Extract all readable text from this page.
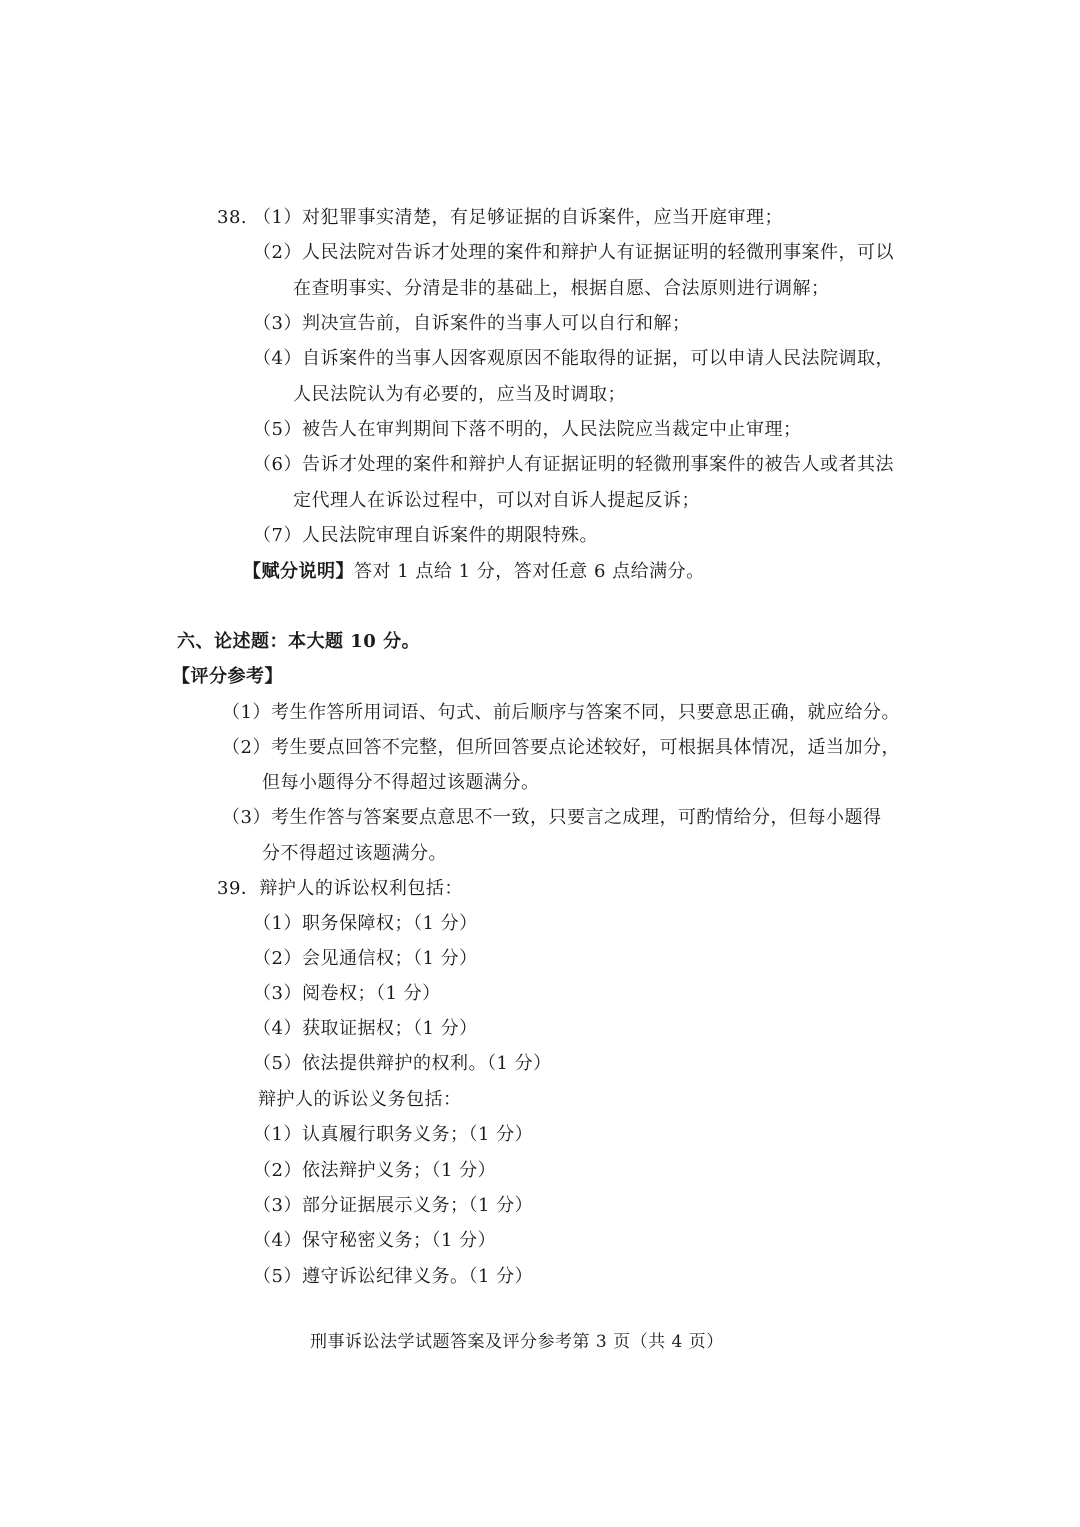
38. （1）对犯罪事实清楚，有足够证据的自诉案件，应当开庭审理；
（2）人民法院对告诉才处理的案件和辩护人有证据证明的轻微刑事案件，可以
在查明事实、分清是非的基础上，根据自愿、合法原则进行调解；
（3）判决宣告前，自诉案件的当事人可以自行和解；
（4）自诉案件的当事人因客观原因不能取得的证据，可以申请人民法院调取，
人民法院认为有必要的，应当及时调取；
（5）被告人在审判期间下落不明的，人民法院应当裁定中止审理；
（6）告诉才处理的案件和辩护人有证据证明的轻微刑事案件的被告人或者其法
定代理人在诉讼过程中，可以对自诉人提起反诉；
（7）人民法院审理自诉案件的期限特殊。
【赋分说明】答对 1 点给 1 分，答对任意 6 点给满分。
六、论述题：本大题 10 分。
【评分参考】
（1）考生作答所用词语、句式、前后顺序与答案不同，只要意思正确，就应给分。
（2）考生要点回答不完整，但所回答要点论述较好，可根据具体情况，适当加分，
但每小题得分不得超过该题满分。
（3）考生作答与答案要点意思不一致，只要言之成理，可酌情给分，但每小题得
分不得超过该题满分。
39．辩护人的诉讼权利包括：
（1）职务保障权；（1 分）
（2）会见通信权；（1 分）
（3）阅卷权；（1 分）
（4）获取证据权；（1 分）
（5）依法提供辩护的权利。（1 分）
辩护人的诉讼义务包括：
（1）认真履行职务义务；（1 分）
（2）依法辩护义务；（1 分）
（3）部分证据展示义务；（1 分）
（4）保守秘密义务；（1 分）
（5）遵守诉讼纪律义务。（1 分）
刑事诉讼法学试题答案及评分参考第 3 页（共 4 页）
